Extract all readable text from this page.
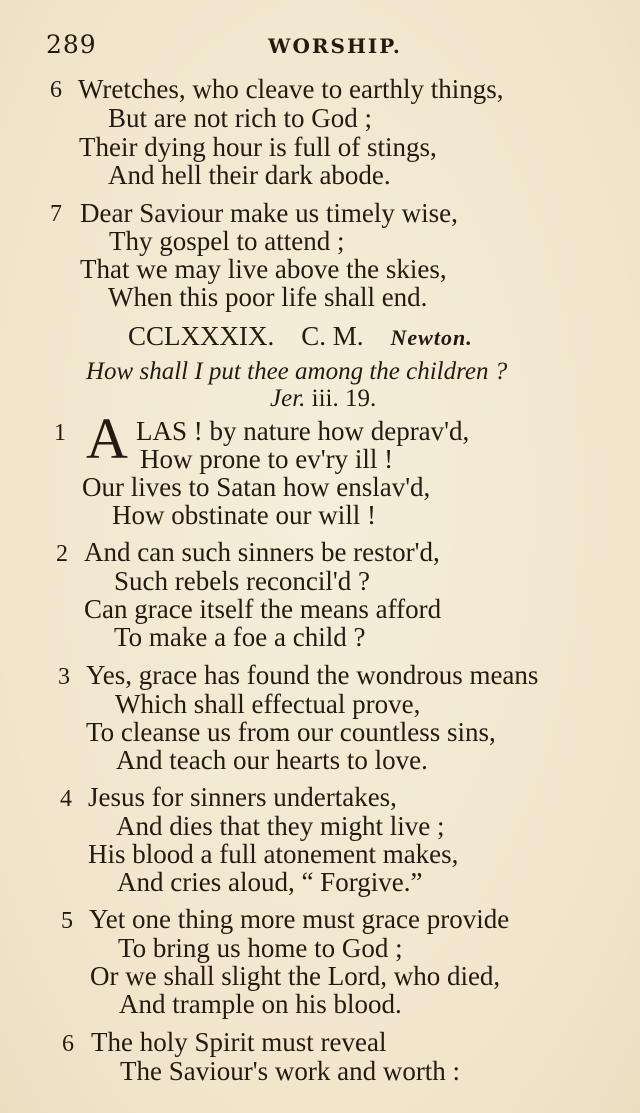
289	WORSHIP.
6 Wretches, who cleave to earthly things,
But are not rich to God ;
Their dying hour is full of stings,
And hell their dark abode.
7 Dear Saviour make us timely wise,
Thy gospel to attend ;
That we may live above the skies,
When this poor life shall end.
CCLXXXIX. C. M. Newton.
How shall I put thee among the children ?
Jer. iii. 19.
1 A LAS ! by nature how deprav'd,
How prone to ev'ry ill !
Our lives to Satan how enslav'd,
How obstinate our will !
2 And can such sinners be restor'd,
Such rebels reconcil'd ?
Can grace itself the means afford
To make a foe a child ?
3 Yes, grace has found the wondrous means
Which shall effectual prove,
To cleanse us from our countless sins,
And teach our hearts to love.
4 Jesus for sinners undertakes,
And dies that they might live ;
His blood a full atonement makes,
And cries aloud, “ Forgive.”
5 Yet one thing more must grace provide
To bring us home to God ;
Or we shall slight the Lord, who died,
And trample on his blood.
6 The holy Spirit must reveal
The Saviour's work and worth :
